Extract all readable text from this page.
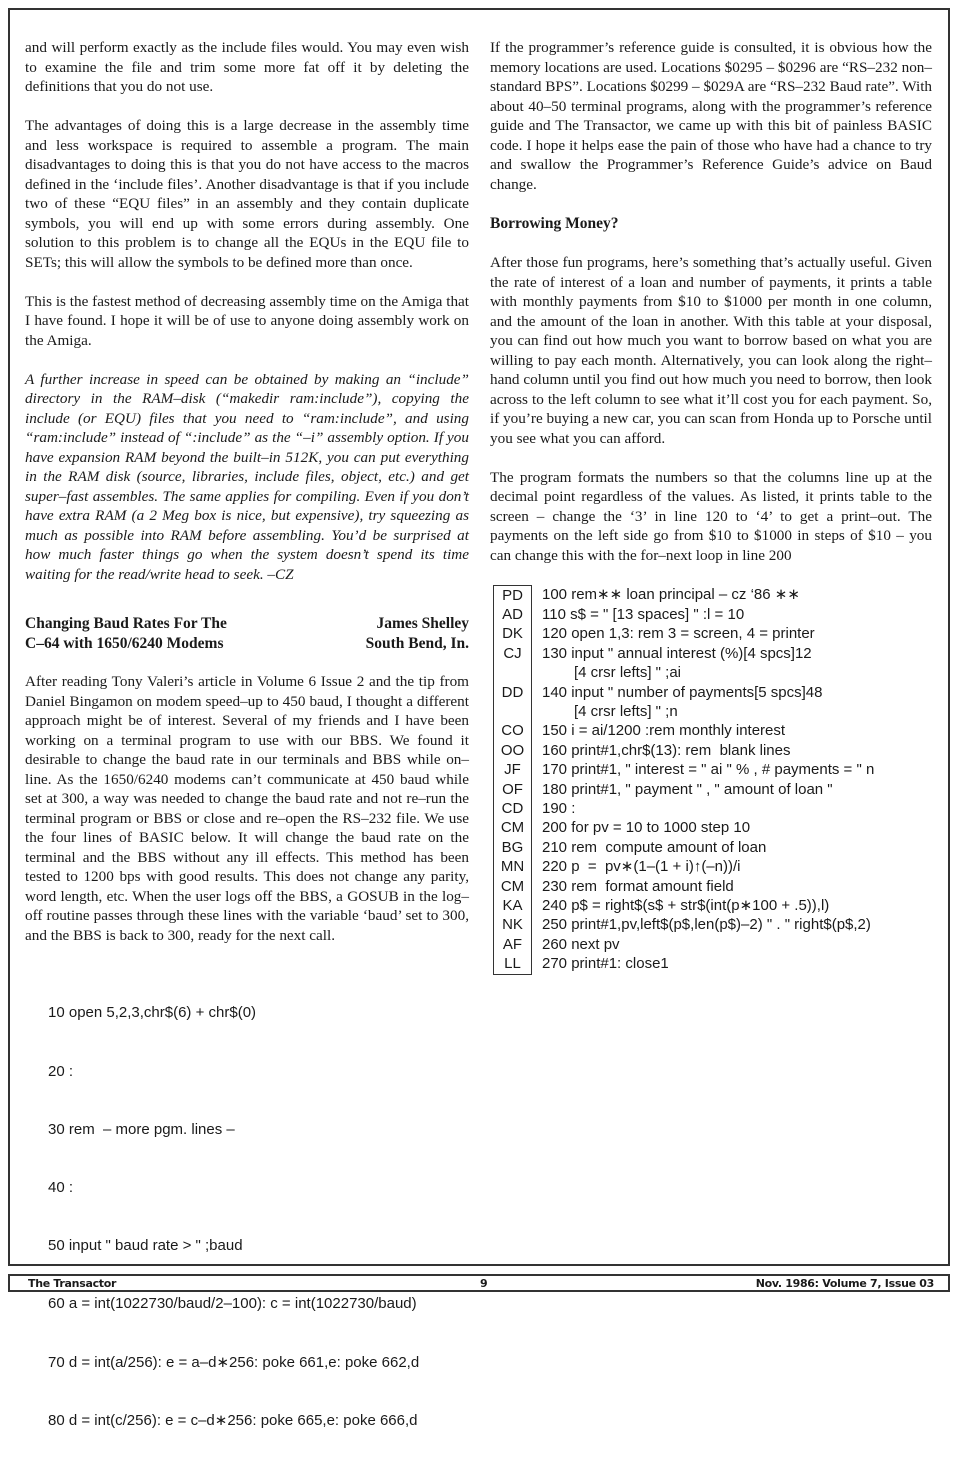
and will perform exactly as the include files would. You may even wish to examine the file and trim some more fat off it by deleting the definitions that you do not use.

The advantages of doing this is a large decrease in the assembly time and less workspace is required to assemble a program. The main disadvantages to doing this is that you do not have access to the macros defined in the ‘include files’. Another disadvantage is that if you include two of these “EQU files” in an assembly and they contain duplicate symbols, you will end up with some errors during assembly. One solution to this problem is to change all the EQUs in the EQU file to SETs; this will allow the symbols to be defined more than once.

This is the fastest method of decreasing assembly time on the Amiga that I have found. I hope it will be of use to anyone doing assembly work on the Amiga.

A further increase in speed can be obtained by making an “include” directory in the RAM–disk (“makedir ram:include”), copying the include (or EQU) files that you need to “ram:include”, and using “ram:include” instead of “:include” as the “–i” assembly option. If you have expansion RAM beyond the built–in 512K, you can put everything in the RAM disk (source, libraries, include files, object, etc.) and get super–fast assembles. The same applies for compiling. Even if you don’t have extra RAM (a 2 Meg box is nice, but expensive), try squeezing as much as possible into RAM before assembling. You’d be surprised at how much faster things go when the system doesn’t spend its time waiting for the read/write head to seek. –CZ

Changing Baud Rates For The
C–64 with 1650/6240 Modems
James Shelley
South Bend, In.

After reading Tony Valeri’s article in Volume 6 Issue 2 and the tip from Daniel Bingamon on modem speed–up to 450 baud, I thought a different approach might be of interest. Several of my friends and I have been working on a terminal program to use with our BBS. We found it desirable to change the baud rate in our terminals and BBS while on–line. As the 1650/6240 modems can’t communicate at 450 baud while set at 300, a way was needed to change the baud rate and not re–run the terminal program or BBS or close and re–open the RS–232 file. We use the four lines of BASIC below. It will change the baud rate on the terminal and the BBS without any ill effects. This method has been tested to 1200 bps with good results. This does not change any parity, word length, etc. When the user logs off the BBS, a GOSUB in the log–off routine passes through these lines with the variable ‘baud’ set to 300, and the BBS is back to 300, ready for the next call.

10 open 5,2,3,chr$(6) + chr$(0)

20 :

30 rem  – more pgm. lines –

40 :

50 input " baud rate > " ;baud

60 a = int(1022730/baud/2–100): c = int(1022730/baud)

70 d = int(a/256): e = a–d∗256: poke 661,e: poke 662,d

80 d = int(c/256): e = c–d∗256: poke 665,e: poke 666,d

If the programmer’s reference guide is consulted, it is obvious how the memory locations are used. Locations $0295 – $0296 are “RS–232 non–standard BPS”. Locations $0299 – $029A are “RS–232 Baud rate”. With about 40–50 terminal programs, along with the programmer’s reference guide and The Transactor, we came up with this bit of painless BASIC code. I hope it helps ease the pain of those who have had a chance to try and swallow the Programmer’s Reference Guide’s advice on Baud change.

Borrowing Money?

After those fun programs, here’s something that’s actually useful. Given the rate of interest of a loan and number of payments, it prints a table with monthly payments from $10 to $1000 per month in one column, and the amount of the loan in another. With this table at your disposal, you can find out how much you want to borrow based on what you are willing to pay each month. Alternatively, you can look along the right–hand column until you find out how much you need to borrow, then look across to the left column to see what it’ll cost you for each payment. So, if you’re buying a new car, you can scan from Honda up to Porsche until you see what you can afford.

The program formats the numbers so that the columns line up at the decimal point regardless of the values. As listed, it prints table to the screen – change the ‘3’ in line 120 to ‘4’ to get a print–out. The payments on the left side go from $10 to $1000 in steps of $10 – you can change this with the for–next loop in line 200

PD	100 rem∗∗ loan principal – cz ‘86 ∗∗
AD	110 s$ = " [13 spaces] " :l = 10
DK	120 open 1,3: rem 3 = screen, 4 = printer
CJ	130 input " annual interest (%)[4 spcs]12
[4 crsr lefts] " ;ai

DD	140 input " number of payments[5 spcs]48
[4 crsr lefts] " ;n

CO	150 i = ai/1200 :rem monthly interest
OO	160 print#1,chr$(13): rem  blank lines
JF	170 print#1, " interest = " ai " % , # payments = " n
OF	180 print#1, " payment " , " amount of loan "
CD	190 :
CM	200 for pv = 10 to 1000 step 10
BG	210 rem  compute amount of loan
MN	220 p  =  pv∗(1–(1 + i)↑(–n))/i
CM	230 rem  format amount field
KA	240 p$ = right$(s$ + str$(int(p∗100 + .5)),l)
NK	250 print#1,pv,left$(p$,len(p$)–2) " . " right$(p$,2)
AF	260 next pv
LL	270 print#1: close1
The Transactor	9	Nov. 1986: Volume 7, Issue 03
